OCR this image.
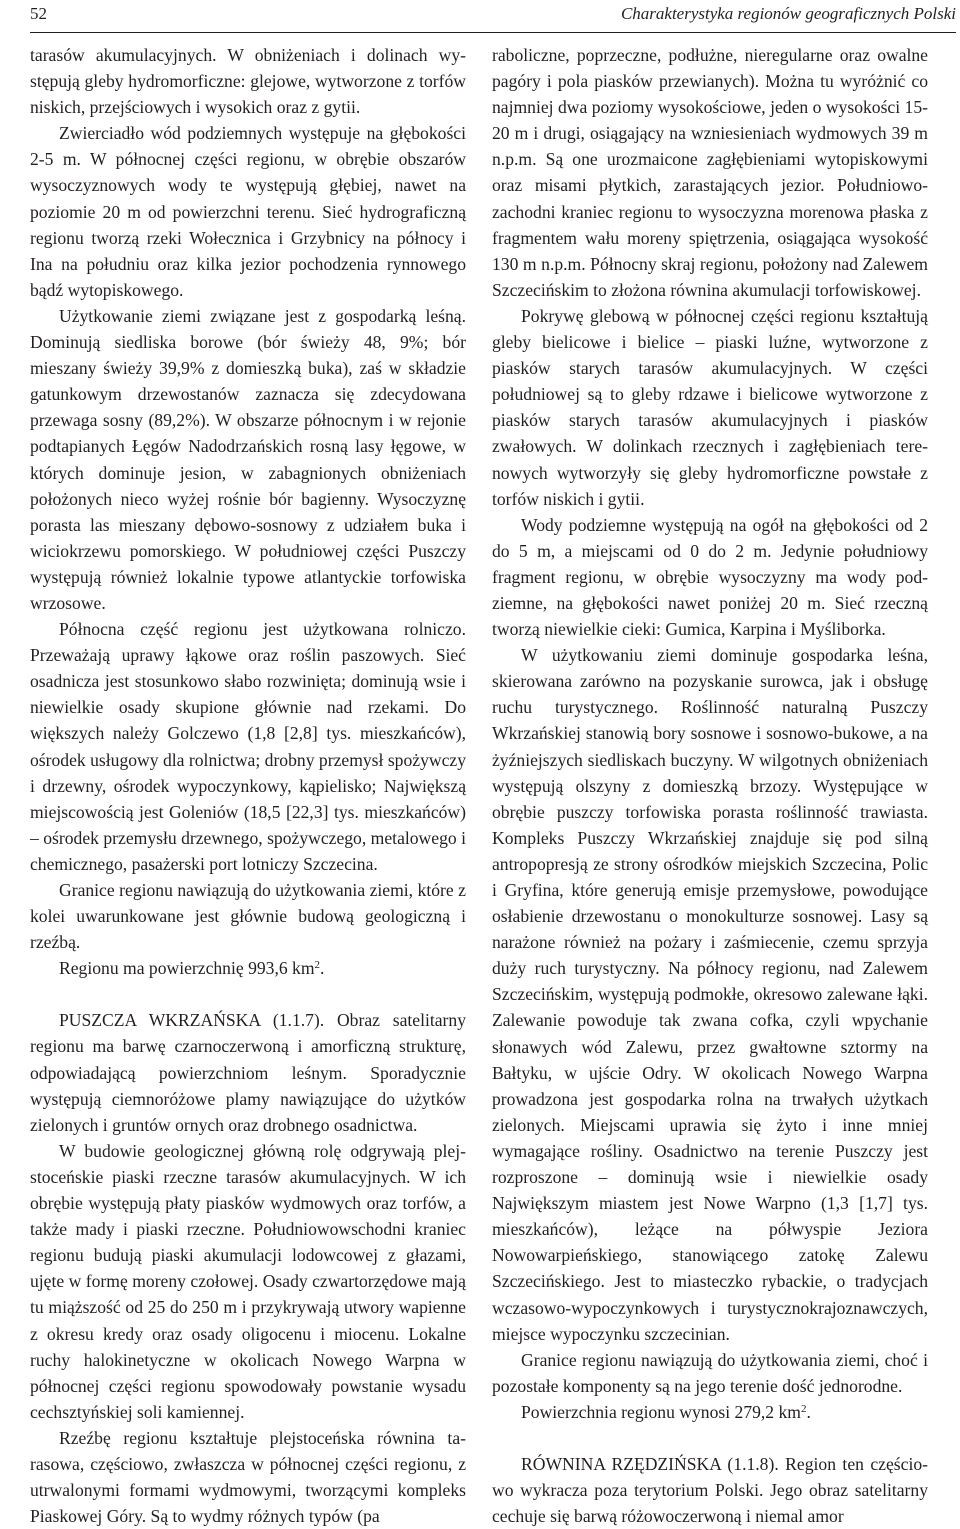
52	Charakterystyka regionów geograficznych Polski

tarasów akumulacyjnych. W obniżeniach i dolinach występują gleby hydromorficzne: glejowe, wytworzone z torfów niskich, przejściowych i wysokich oraz z gytii.

Zwierciadło wód podziemnych występuje na głębokości 2-5 m. W północnej części regionu, w obrębie obszarów wysoczyznowych wody te występują głębiej, nawet na poziomie 20 m od powierzchni terenu. Sieć hydrograficzną regionu tworzą rzeki Wołecznica i Grzybnicy na północy i Ina na południu oraz kilka jezior pochodzenia rynnowego bądź wytopiskowego.

Użytkowanie ziemi związane jest z gospodarką leśną. Dominują siedliska borowe (bór świeży 48, 9%; bór mieszany świeży 39,9% z domieszką buka), zaś w składzie gatunkowym drzewostanów zaznacza się zdecydowana przewaga sosny (89,2%). W obszarze północnym i w rejonie podtapianych Łęgów Nadodrzańskich rosną lasy łęgowe, w których dominuje jesion, w zabagnionych obniżeniach położonych nieco wyżej rośnie bór bagienny. Wysoczyznę porasta las mieszany dębowo-sosnowy z udziałem buka i wiciokrzewu pomorskiego. W południowej części Puszczy występują również lokalnie typowe atlantyckie torfowiska wrzosowe.

Północna część regionu jest użytkowana rolniczo. Przeważają uprawy łąkowe oraz roślin paszowych. Sieć osadnicza jest stosunkowo słabo rozwinięta; dominują wsie i niewielkie osady skupione głównie nad rzekami. Do większych należy Golczewo (1,8 [2,8] tys. mieszkańców), ośrodek usługowy dla rolnictwa; drobny przemysł spożywczy i drzewny, ośrodek wypoczynkowy, kąpielisko; Największą miejscowością jest Goleniów (18,5 [22,3] tys. mieszkańców) – ośrodek przemysłu drzewnego, spożywczego, metalowego i chemicznego, pasażerski port lotniczy Szczecina.

Granice regionu nawiązują do użytkowania ziemi, które z kolei uwarunkowane jest głównie budową geologiczną i rzeźbą.

Regionu ma powierzchnię 993,6 $km^2$.

PUSZCZA WKRZAŃSKA (1.1.7). Obraz satelitarny regionu ma barwę czarnoczerwoną i amorficzną strukturę, odpowiadającą powierzchniom leśnym. Sporadycznie występują ciemnoróżowe plamy nawiązujące do użytków zielonych i gruntów ornych oraz drobnego osadnictwa.

W budowie geologicznej główną rolę odgrywają plejstoceńskie piaski rzeczne tarasów akumulacyjnych. W ich obrębie występują płaty piasków wydmowych oraz torfów, a także mady i piaski rzeczne. Południowowschodni kraniec regionu budują piaski akumulacji lodowcowej z głazami, ujęte w formę moreny czołowej. Osady czwartorzędowe mają tu miąższość od 25 do 250 m i przykrywają utwory wapienne z okresu kredy oraz osady oligocenu i miocenu. Lokalne ruchy halokinetyczne w okolicach Nowego Warpna w północnej części regionu spowodowały powstanie wysadu cechsztyńskiej soli kamiennej.

Rzeźbę regionu kształtuje plejstoceńska równina tarasowa, częściowo, zwłaszcza w północnej części regionu, z utrwalonymi formami wydmowymi, tworzącymi kompleks Piaskowej Góry. Są to wydmy różnych typów (pa

raboliczne, poprzeczne, podłużne, nieregularne oraz owalne pagóry i pola piasków przewianych). Można tu wyróżnić co najmniej dwa poziomy wysokościowe, jeden o wysokości 15-20 m i drugi, osiągający na wzniesieniach wydmowych 39 m n.p.m. Są one urozmaicone zagłębieniami wytopiskowymi oraz misami płytkich, zarastających jezior. Południowo-zachodni kraniec regionu to wysoczyzna morenowa płaska z fragmentem wału moreny spiętrzenia, osiągająca wysokość 130 m n.p.m. Północny skraj regionu, położony nad Zalewem Szczecińskim to złożona równina akumulacji torfowiskowej.

Pokrywę glebową w północnej części regionu kształtują gleby bielicowe i bielice – piaski luźne, wytworzone z piasków starych tarasów akumulacyjnych. W części południowej są to gleby rdzawe i bielicowe wytworzone z piasków starych tarasów akumulacyjnych i piasków zwałowych. W dolinkach rzecznych i zagłębieniach terenowych wytworzyły się gleby hydromorficzne powstałe z torfów niskich i gytii.

Wody podziemne występują na ogół na głębokości od 2 do 5 m, a miejscami od 0 do 2 m. Jedynie południowy fragment regionu, w obrębie wysoczyzny ma wody podziemne, na głębokości nawet poniżej 20 m. Sieć rzeczną tworzą niewielkie cieki: Gumica, Karpina i Myśliborka.

W użytkowaniu ziemi dominuje gospodarka leśna, skierowana zarówno na pozyskanie surowca, jak i obsługę ruchu turystycznego. Roślinność naturalną Puszczy Wkrzańskiej stanowią bory sosnowe i sosnowo-bukowe, a na żyźniejszych siedliskach buczyny. W wilgotnych obniżeniach występują olszyny z domieszką brzozy. Występujące w obrębie puszczy torfowiska porasta roślinność trawiasta. Kompleks Puszczy Wkrzańskiej znajduje się pod silną antropopresją ze strony ośrodków miejskich Szczecina, Polic i Gryfina, które generują emisje przemysłowe, powodujące osłabienie drzewostanu o monokulturze sosnowej. Lasy są narażone również na pożary i zaśmiecenie, czemu sprzyja duży ruch turystyczny. Na północy regionu, nad Zalewem Szczecińskim, występują podmokłe, okresowo zalewane łąki. Zalewanie powoduje tak zwana cofka, czyli wpychanie słonawych wód Zalewu, przez gwałtowne sztormy na Bałtyku, w ujście Odry. W okolicach Nowego Warpna prowadzona jest gospodarka rolna na trwałych użytkach zielonych. Miejscami uprawia się żyto i inne mniej wymagające rośliny. Osadnictwo na terenie Puszczy jest rozproszone – dominują wsie i niewielkie osady Największym miastem jest Nowe Warpno (1,3 [1,7] tys. mieszkańców), leżące na półwyspie Jeziora Nowowarpieńskiego, stanowiącego zatokę Zalewu Szczecińskiego. Jest to miasteczko rybackie, o tradycjach wczasowo-wypoczynkowych i turystycznokrajoznawczych, miejsce wypoczynku szczecinian.

Granice regionu nawiązują do użytkowania ziemi, choć i pozostałe komponenty są na jego terenie dość jednorodne.

Powierzchnia regionu wynosi 279,2 $km^2$.

RÓWNINA RZĘDZIŃSKA (1.1.8). Region ten częściowo wykracza poza terytorium Polski. Jego obraz satelitarny cechuje się barwą różowoczerwoną i niemal amor
